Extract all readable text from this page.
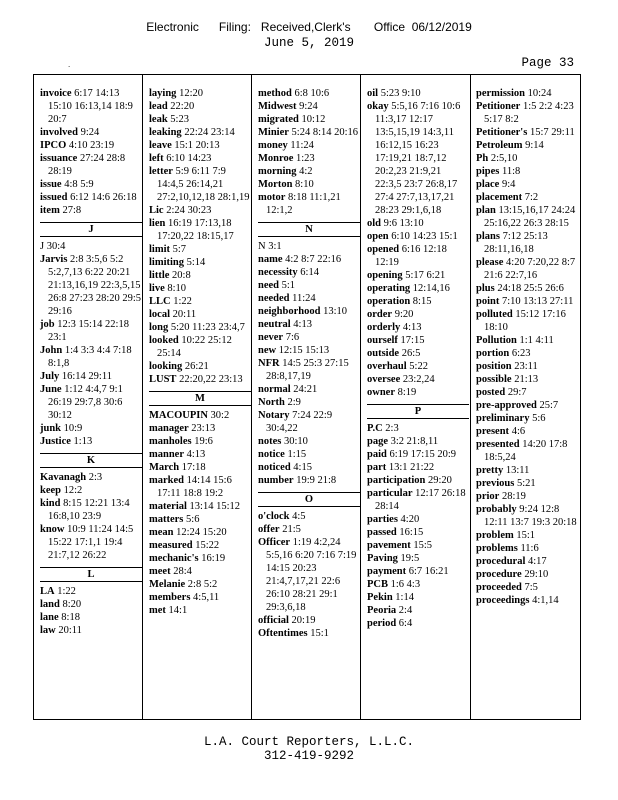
Electronic      Filing:   Received,Clerk's       Office  06/12/2019
June 5, 2019
.	Page 33
invoice 6:17 14:13 15:10 16:13,14 18:9 20:7
involved 9:24
IPCO 4:10 23:19
issuance 27:24 28:8 28:19
issue 4:8 5:9
issued 6:12 14:6 26:18
item 27:8
J
J 30:4
Jarvis 2:8 3:5,6 5:2 5:2,7,13 6:22 20:21 21:13,16,19 22:3,5,15 26:8 27:23 28:20 29:5 29:16
job 12:3 15:14 22:18 23:1
John 1:4 3:3 4:4 7:18 8:1,8
July 16:14 29:11
June 1:12 4:4,7 9:1 26:19 29:7,8 30:6 30:12
junk 10:9
Justice 1:13
K
Kavanagh 2:3
keep 12:2
kind 8:15 12:21 13:4 16:8,10 23:9
know 10:9 11:24 14:5 15:22 17:1,1 19:4 21:7,12 26:22
L
LA 1:22
land 8:20
lane 8:18
law 20:11
laying 12:20
lead 22:20
leak 5:23
leaking 22:24 23:14
leave 15:1 20:13
left 6:10 14:23
letter 5:9 6:11 7:9 14:4,5 26:14,21 27:2,10,12,18 28:1,19
Lic 2:24 30:23
lien 16:19 17:13,18 17:20,22 18:15,17
limit 5:7
limiting 5:14
little 20:8
live 8:10
LLC 1:22
local 20:11
long 5:20 11:23 23:4,7
looked 10:22 25:12 25:14
looking 26:21
LUST 22:20,22 23:13
M
MACOUPIN 30:2
manager 23:13
manholes 19:6
manner 4:13
March 17:18
marked 14:14 15:6 17:11 18:8 19:2
material 13:14 15:12
matters 5:6
mean 12:24 15:20
measured 15:22
mechanic's 16:19
meet 28:4
Melanie 2:8 5:2
members 4:5,11
met 14:1
method 6:8 10:6
Midwest 9:24
migrated 10:12
Minier 5:24 8:14 20:16
money 11:24
Monroe 1:23
morning 4:2
Morton 8:10
motor 8:18 11:1,21 12:1,2
N
N 3:1
name 4:2 8:7 22:16
necessity 6:14
need 5:1
needed 11:24
neighborhood 13:10
neutral 4:13
never 7:6
new 12:15 15:13
NFR 14:5 25:3 27:15 28:8,17,19
normal 24:21
North 2:9
Notary 7:24 22:9 30:4,22
notes 30:10
notice 1:15
noticed 4:15
number 19:9 21:8
O
o'clock 4:5
offer 21:5
Officer 1:19 4:2,24 5:5,16 6:20 7:16 7:19 14:15 20:23 21:4,7,17,21 22:6 26:10 28:21 29:1 29:3,6,18
official 20:19
Oftentimes 15:1
oil 5:23 9:10
okay 5:5,16 7:16 10:6 11:3,17 12:17 13:5,15,19 14:3,11 16:12,15 16:23 17:19,21 18:7,12 20:2,23 21:9,21 22:3,5 23:7 26:8,17 27:4 27:7,13,17,21 28:23 29:1,6,18
old 9:6 13:10
open 6:10 14:23 15:1
opened 6:16 12:18 12:19
opening 5:17 6:21
operating 12:14,16
operation 8:15
order 9:20
orderly 4:13
ourself 17:15
outside 26:5
overhaul 5:22
oversee 23:2,24
owner 8:19
P
P.C 2:3
page 3:2 21:8,11
paid 6:19 17:15 20:9
part 13:1 21:22
participation 29:20
particular 12:17 26:18 28:14
parties 4:20
passed 16:15
pavement 15:5
Paving 19:5
payment 6:7 16:21
PCB 1:6 4:3
Pekin 1:14
Peoria 2:4
period 6:4
permission 10:24
Petitioner 1:5 2:2 4:23 5:17 8:2
Petitioner's 15:7 29:11
Petroleum 9:14
Ph 2:5,10
pipes 11:8
place 9:4
placement 7:2
plan 13:15,16,17 24:24 25:16,22 26:3 28:15
plans 7:12 25:13 28:11,16,18
please 4:20 7:20,22 8:7 21:6 22:7,16
plus 24:18 25:5 26:6
point 7:10 13:13 27:11
polluted 15:12 17:16 18:10
Pollution 1:1 4:11
portion 6:23
position 23:11
possible 21:13
posted 29:7
pre-approved 25:7
preliminary 5:6
present 4:6
presented 14:20 17:8 18:5,24
pretty 13:11
previous 5:21
prior 28:19
probably 9:24 12:8 12:11 13:7 19:3 20:18
problem 15:1
problems 11:6
procedural 4:17
procedure 29:10
proceeded 7:5
proceedings 4:1,14
L.A. Court Reporters, L.L.C.
312-419-9292
